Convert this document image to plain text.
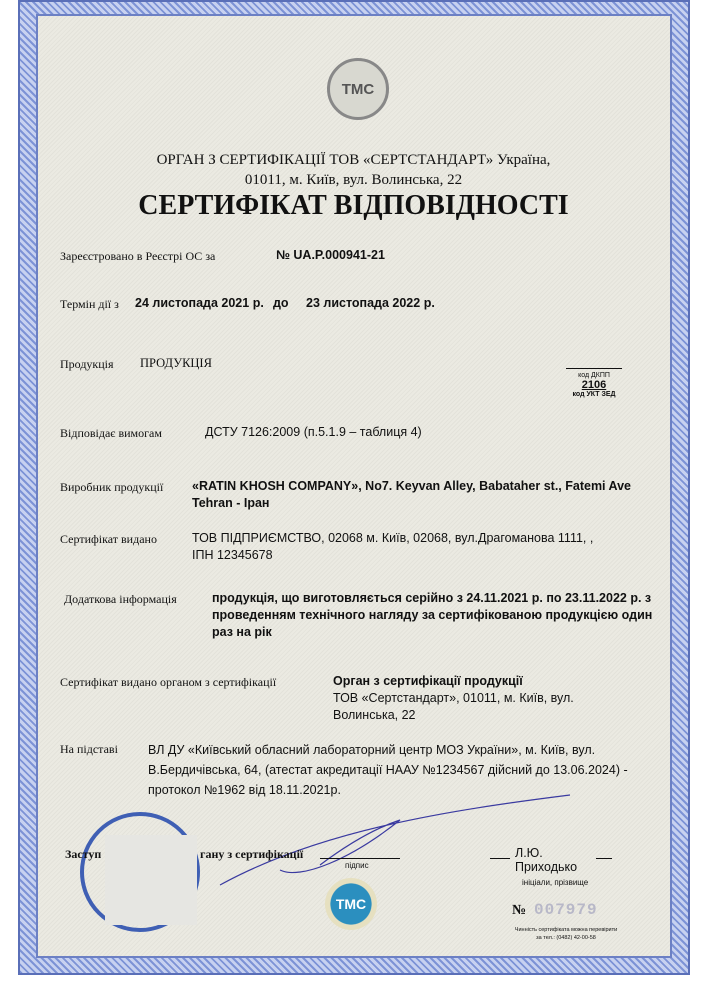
ТМС
ОРГАН З СЕРТИФІКАЦІЇ ТОВ «СЕРТСТАНДАРТ» Україна,
01011, м. Київ, вул. Волинська, 22
СЕРТИФІКАТ ВІДПОВІДНОСТІ
Зареєстровано в Реєстрі ОС за	№ UA.P.000941-21
Термін дії з 24 листопада 2021 р. до 23 листопада 2022 р.
Продукція ПРОДУКЦІЯ
код ДКПП
2106
код УКТ ЗЕД
Відповідає вимогам	ДСТУ 7126:2009 (п.5.1.9 – таблиця 4)
Виробник продукції «RATIN KHOSH COMPANY», No7. Keyvan Alley, Babataher st., Fatemi Ave
Tehran - Іран
Сертифікат видано	ТОВ ПІДПРИЄМСТВО, 02068 м. Київ, 02068, вул.Драгоманова 1111, ,
ІПН 12345678
Додаткова інформація	продукція, що виготовляється серійно з 24.11.2021 р. по 23.11.2022 р. з
проведенням технічного нагляду за сертифікованою продукцією один
раз на рік
Сертифікат видано органом з сертифікації	Орган з сертифікації продукції
ТОВ «Сертстандарт», 01011, м. Київ, вул.
Волинська, 22
На підставі ВЛ ДУ «Київський обласний лабораторний центр МОЗ України», м. Київ, вул.
В.Бердичівська, 64, (атестат акредитації НААУ №1234567 дійсний до 13.06.2024) -
протокол №1962 від 18.11.2021р.
Заступ	гану з сертифікації
підпис
Л.Ю.
Приходько
ініціали, прізвище
ТМС	№ 007979
Чинність сертифіката можна перевірити
за тел.: (0482) 42-00-58
